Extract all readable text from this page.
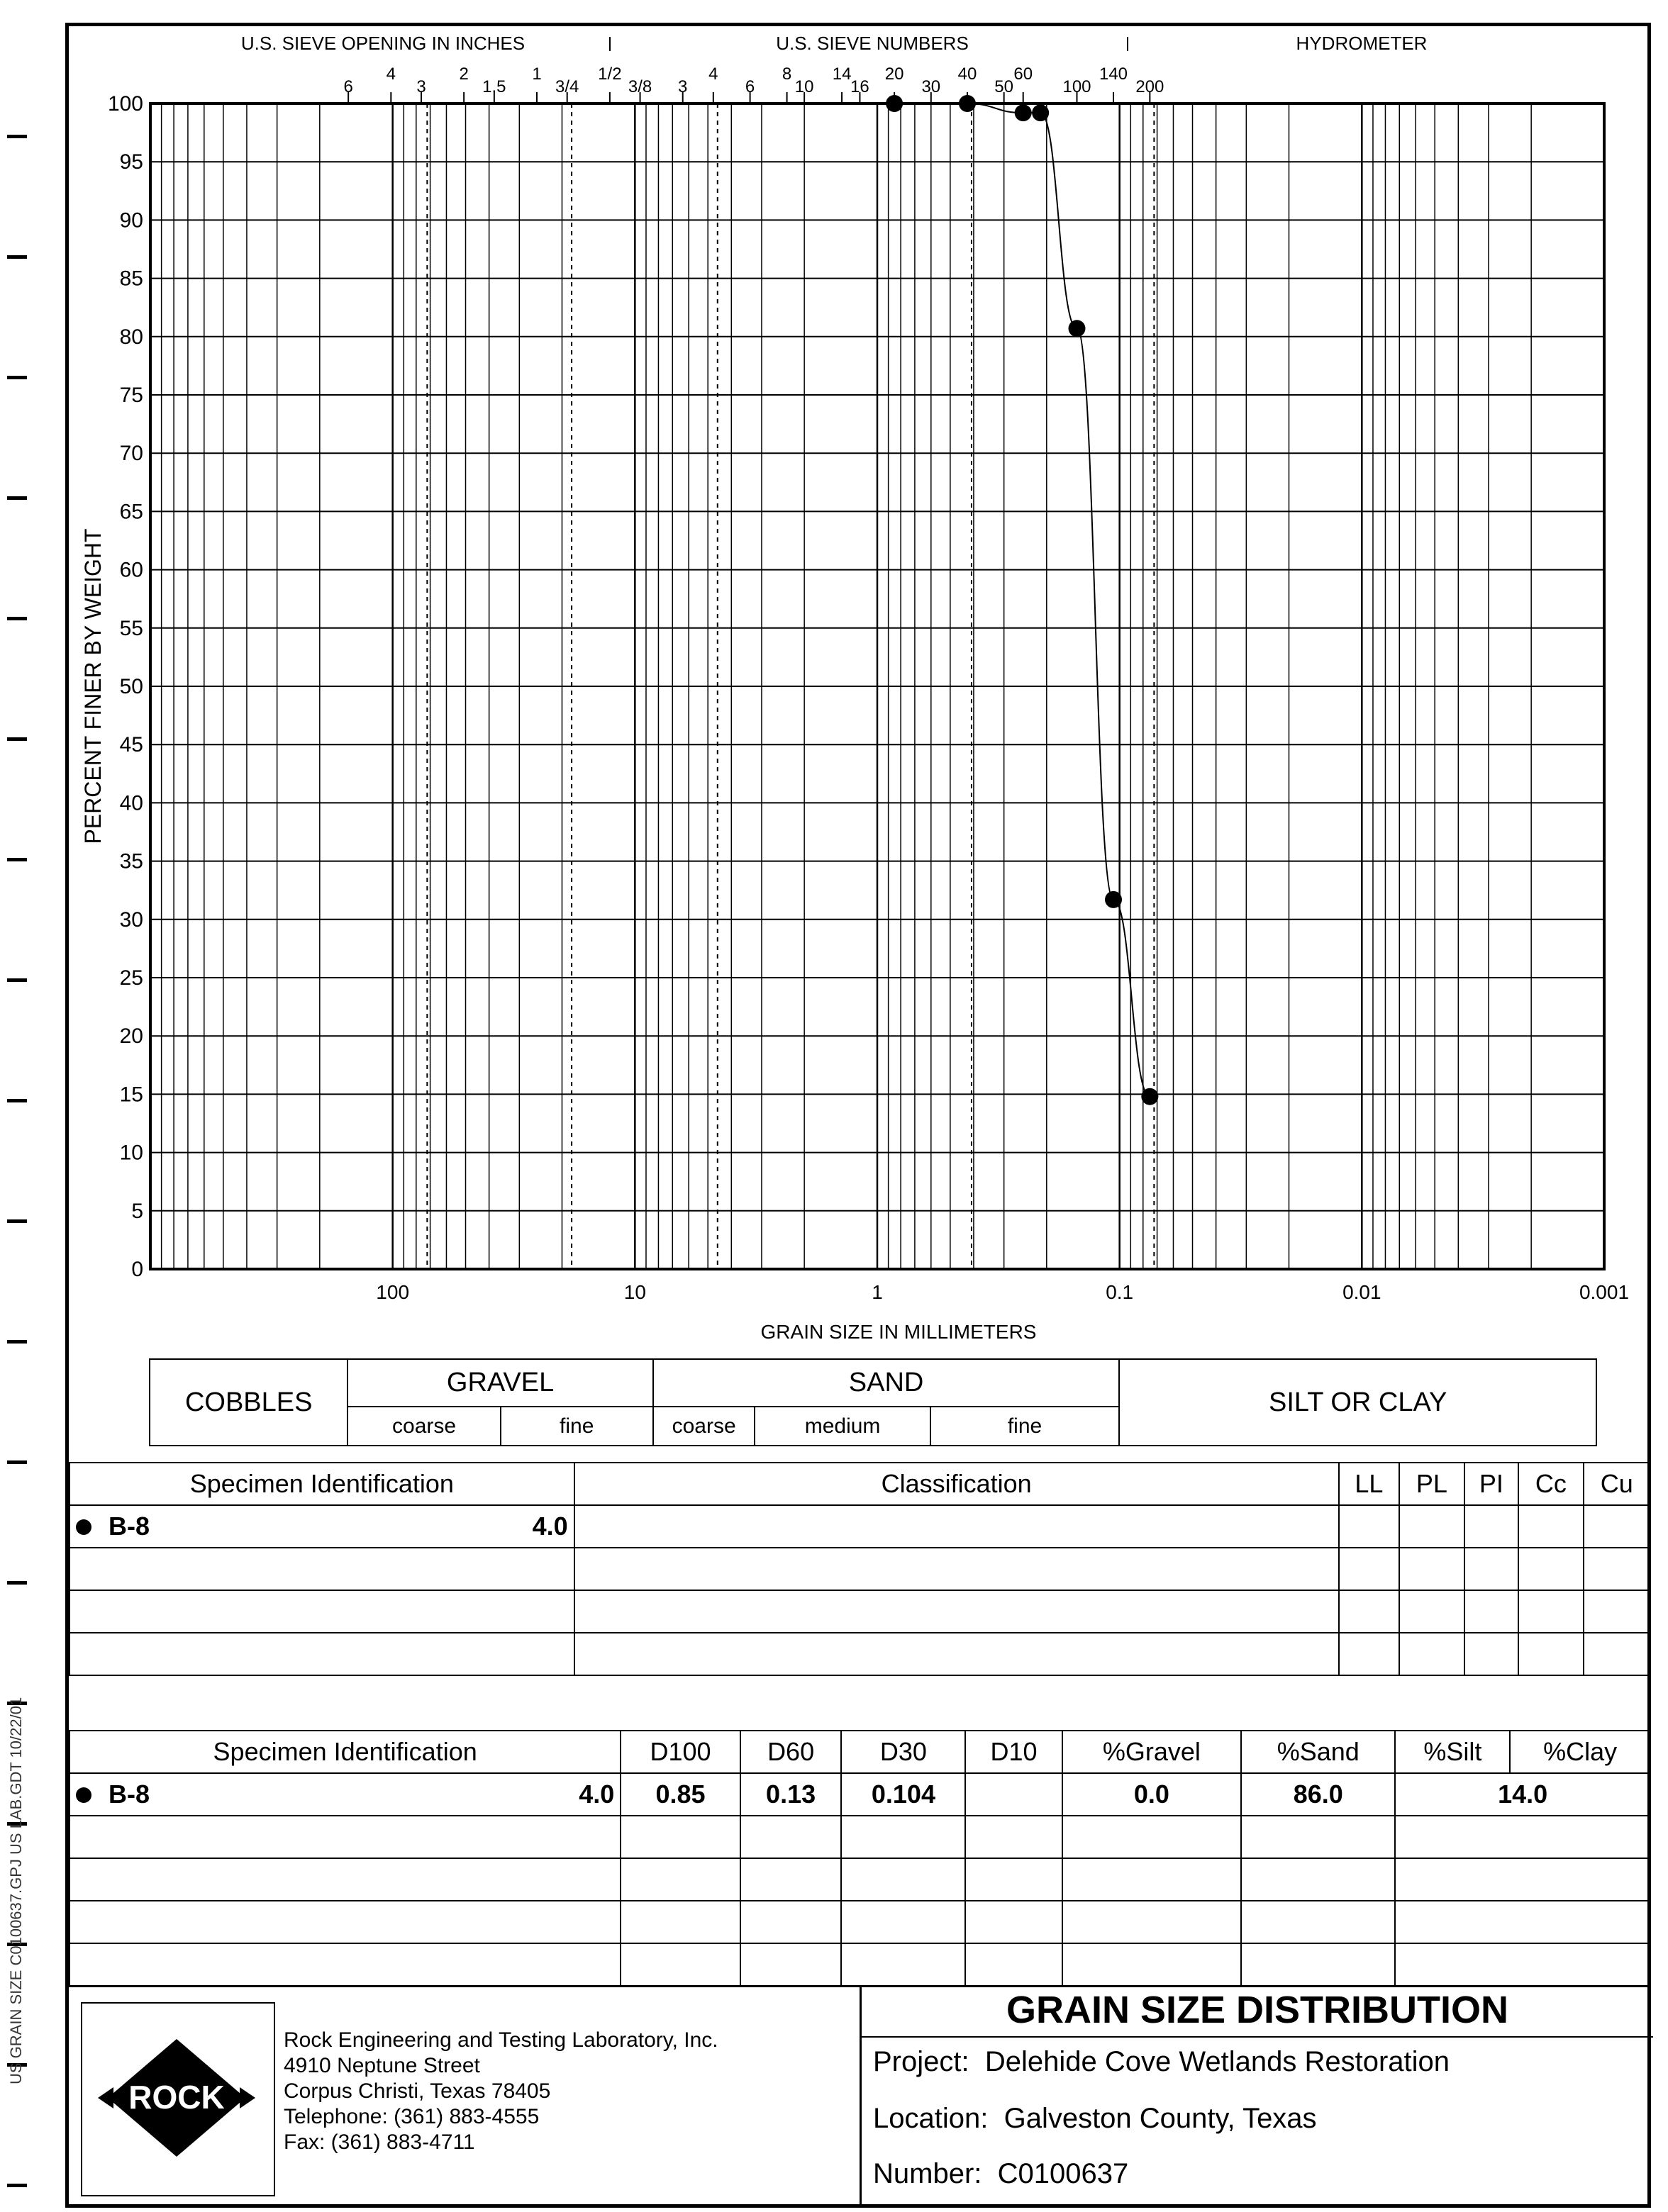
US GRAIN SIZE C0100637.GPJ US LAB.GDT 10/22/01
0
5
10
15
20
25
30
35
40
45
50
55
60
65
70
75
80
85
90
95
100
100	10	1	0.1	0.01	0.001
GRAIN SIZE IN MILLIMETERS
PERCENT FINER BY WEIGHT
U.S. SIEVE OPENING IN INCHES	U.S. SIEVE NUMBERS	HYDROMETER
6
4
3
2
1.5
1
3/4
1/2
3/8 3
4
6
8
10
14
16
20
30
40
50
60
100
140
200
COBBLES	GRAVEL		SAND			SILT OR CLAY
	coarse	fine	coarse	medium	fine	
Specimen Identification			Classification	LL	PL	PI	Cc	Cu
	B-8	4.0						

Specimen Identification			D100	D60	D30	D10	%Gravel	%Sand	%Silt	%Clay
	B-8	4.0	0.85	0.13	0.104		0.0	86.0	14.0	

ROCK
Rock Engineering and Testing Laboratory, Inc.
4910 Neptune Street
Corpus Christi, Texas 78405
Telephone: (361) 883-4555
Fax: (361) 883-4711
GRAIN SIZE DISTRIBUTION
Project: Delehide Cove Wetlands Restoration
Location: Galveston County, Texas
Number: C0100637
